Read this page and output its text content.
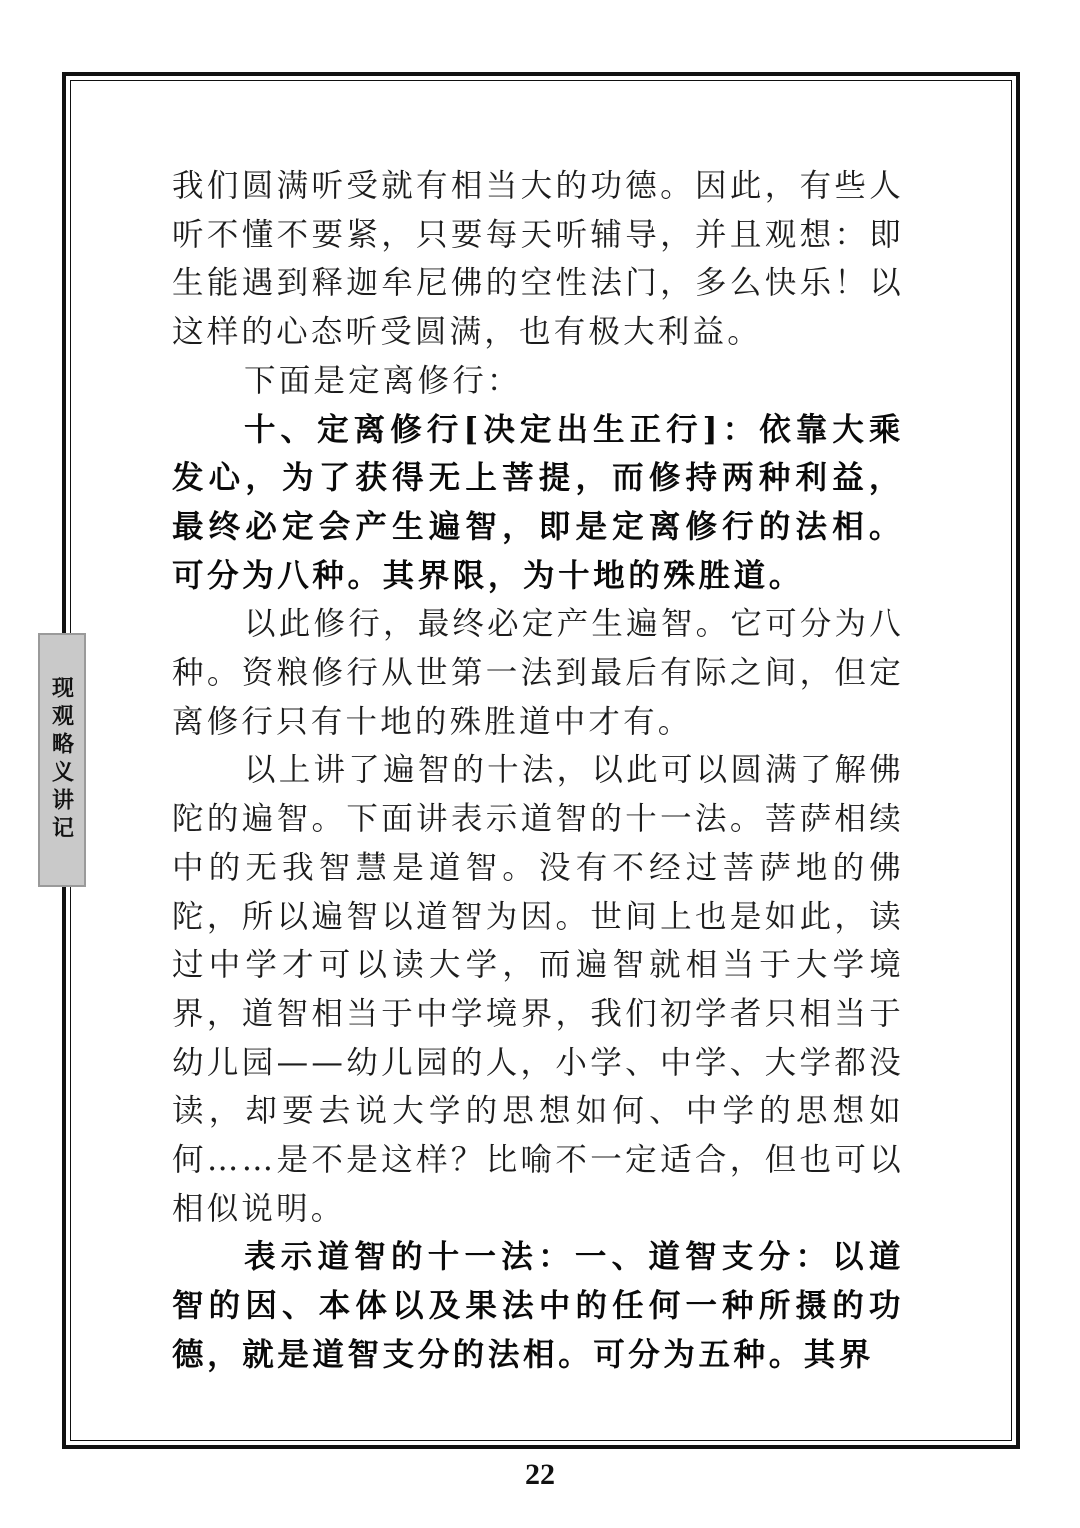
现观略义讲记

我们圆满听受就有相当大的功德。因此，有些人听不懂不要紧，只要每天听辅导，并且观想：即生能遇到释迦牟尼佛的空性法门，多么快乐！以这样的心态听受圆满，也有极大利益。

下面是定离修行：

十、定离修行[决定出生正行]：依靠大乘发心，为了获得无上菩提，而修持两种利益，最终必定会产生遍智，即是定离修行的法相。可分为八种。其界限，为十地的殊胜道。

以此修行，最终必定产生遍智。它可分为八种。资粮修行从世第一法到最后有际之间，但定离修行只有十地的殊胜道中才有。

以上讲了遍智的十法，以此可以圆满了解佛陀的遍智。下面讲表示道智的十一法。菩萨相续中的无我智慧是道智。没有不经过菩萨地的佛陀，所以遍智以道智为因。世间上也是如此，读过中学才可以读大学，而遍智就相当于大学境界，道智相当于中学境界，我们初学者只相当于幼儿园——幼儿园的人，小学、中学、大学都没读，却要去说大学的思想如何、中学的思想如何……是不是这样？比喻不一定适合，但也可以相似说明。

表示道智的十一法：一、道智支分：以道智的因、本体以及果法中的任何一种所摄的功德，就是道智支分的法相。可分为五种。其界

22
